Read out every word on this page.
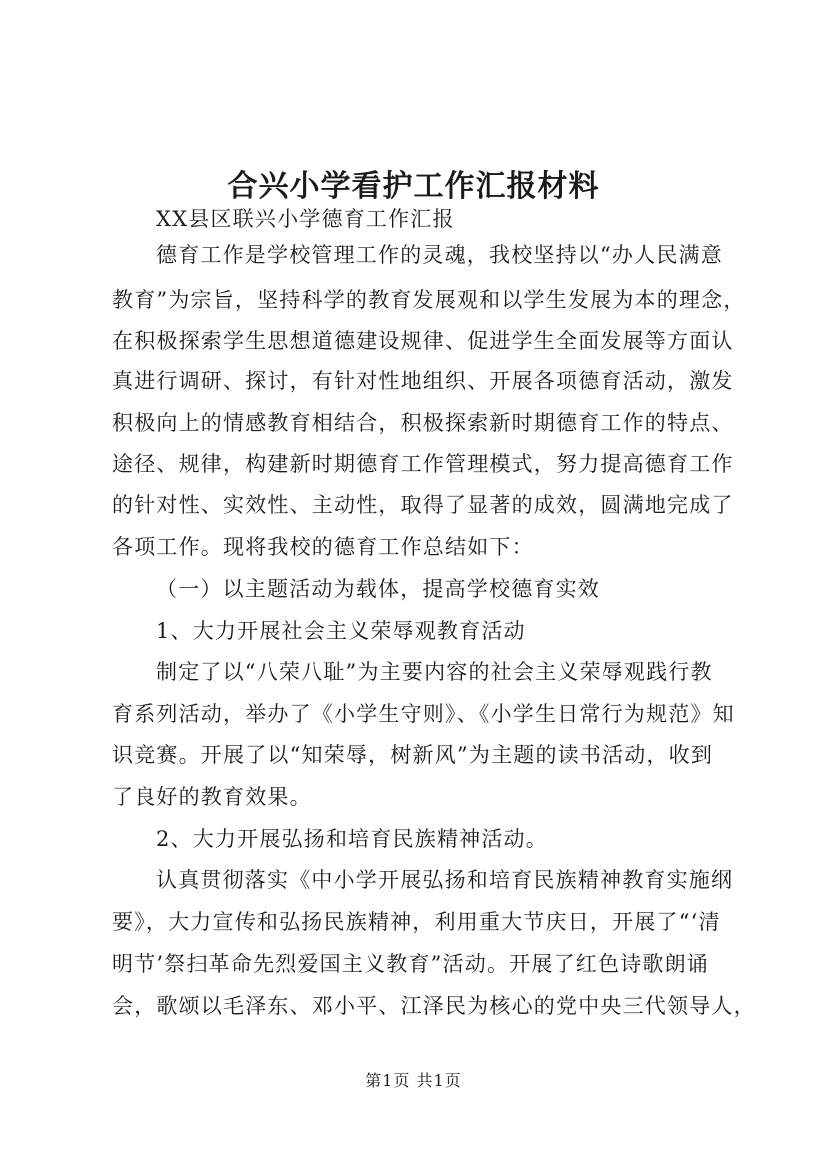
合兴小学看护工作汇报材料
XX县区联兴小学德育工作汇报
德育工作是学校管理工作的灵魂，我校坚持以“办人民满意
教育”为宗旨，坚持科学的教育发展观和以学生发展为本的理念，
在积极探索学生思想道德建设规律、促进学生全面发展等方面认
真进行调研、探讨，有针对性地组织、开展各项德育活动，激发
积极向上的情感教育相结合，积极探索新时期德育工作的特点、
途径、规律，构建新时期德育工作管理模式，努力提高德育工作
的针对性、实效性、主动性，取得了显著的成效，圆满地完成了
各项工作。现将我校的德育工作总结如下：
（一）以主题活动为载体，提高学校德育实效
1、大力开展社会主义荣辱观教育活动
制定了以“八荣八耻”为主要内容的社会主义荣辱观践行教
育系列活动，举办了《小学生守则》、《小学生日常行为规范》知
识竞赛。开展了以“知荣辱，树新风”为主题的读书活动，收到
了良好的教育效果。
2、大力开展弘扬和培育民族精神活动。
认真贯彻落实《中小学开展弘扬和培育民族精神教育实施纲
要》，大力宣传和弘扬民族精神，利用重大节庆日，开展了“‘清
明节’祭扫革命先烈爱国主义教育”活动。开展了红色诗歌朗诵
会，歌颂以毛泽东、邓小平、江泽民为核心的党中央三代领导人，
第1页 共1页
